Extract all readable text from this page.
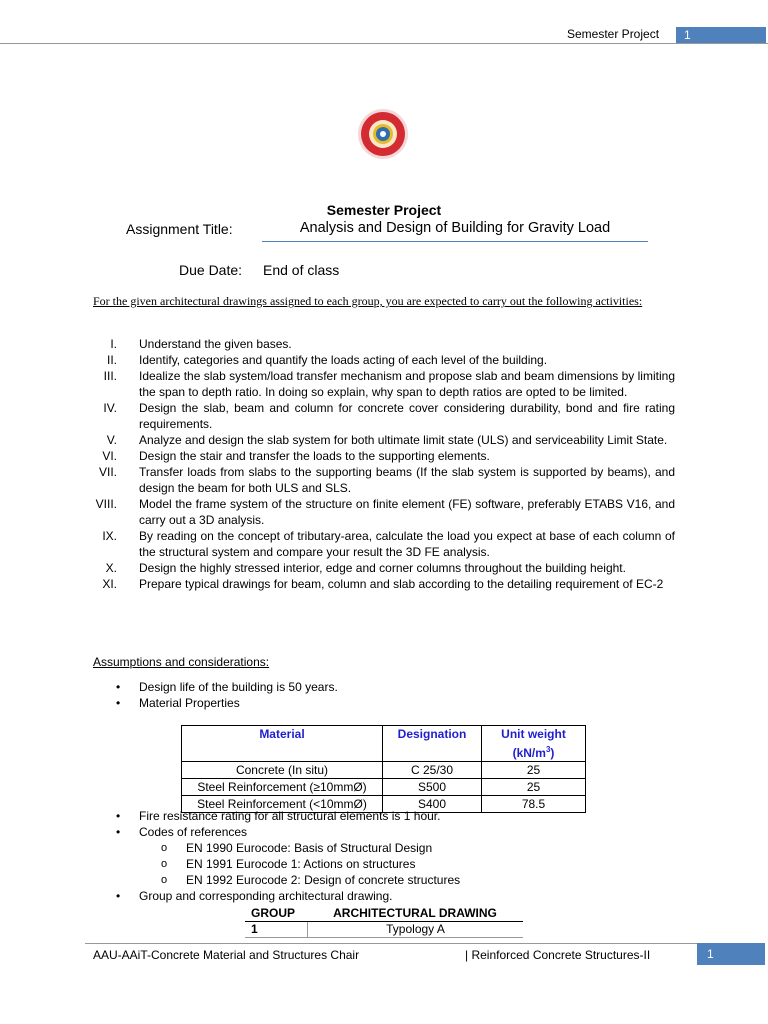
Semester Project	1
Semester Project
Assignment Title:	Analysis and Design of Building for Gravity Load
Due Date: End of class
For the given architectural drawings assigned to each group, you are expected to carry out the following activities:
I. Understand the given bases.
II. Identify, categories and quantify the loads acting of each level of the building.
III. Idealize the slab system/load transfer mechanism and propose slab and beam dimensions by limiting the span to depth ratio. In doing so explain, why span to depth ratios are opted to be limited.
IV. Design the slab, beam and column for concrete cover considering durability, bond and fire rating requirements.
V. Analyze and design the slab system for both ultimate limit state (ULS) and serviceability Limit State.
VI. Design the stair and transfer the loads to the supporting elements.
VII. Transfer loads from slabs to the supporting beams (If the slab system is supported by beams), and design the beam for both ULS and SLS.
VIII. Model the frame system of the structure on finite element (FE) software, preferably ETABS V16, and carry out a 3D analysis.
IX. By reading on the concept of tributary-area, calculate the load you expect at base of each column of the structural system and compare your result the 3D FE analysis.
X. Design the highly stressed interior, edge and corner columns throughout the building height.
XI. Prepare typical drawings for beam, column and slab according to the detailing requirement of EC-2
Assumptions and considerations:
• Design life of the building is 50 years.
• Material Properties
Material	Designation	Unit weight $(kN/m^3)$
Concrete (In situ)	C 25/30	25
Steel Reinforcement (≥10mmØ)	S500	25
Steel Reinforcement (<10mmØ)	S400	78.5
• Fire resistance rating for all structural elements is 1 hour.
• Codes of references
o EN 1990 Eurocode: Basis of Structural Design
o EN 1991 Eurocode 1: Actions on structures
o EN 1992 Eurocode 2: Design of concrete structures
• Group and corresponding architectural drawing.
GROUP	ARCHITECTURAL DRAWING
1	Typology A
AAU-AAiT-Concrete Material and Structures Chair	| Reinforced Concrete Structures-II	1
